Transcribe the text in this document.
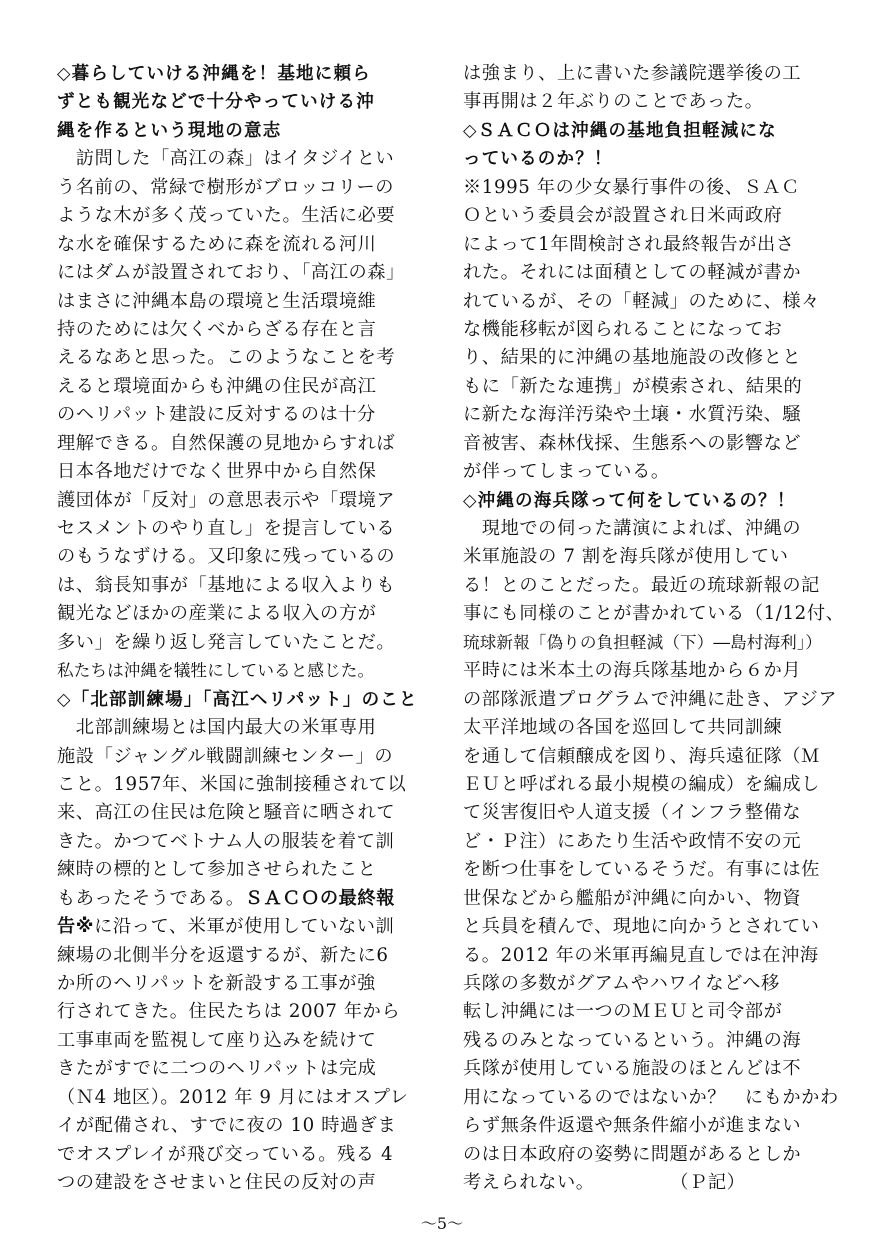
◇暮らしていける沖縄を！基地に頼ら
ずとも観光などで十分やっていける沖
縄を作るという現地の意志
　訪問した「高江の森」はイタジイとい
う名前の、常緑で樹形がブロッコリーの
ような木が多く茂っていた。生活に必要
な水を確保するために森を流れる河川
にはダムが設置されており、「高江の森」
はまさに沖縄本島の環境と生活環境維
持のためには欠くべからざる存在と言
えるなあと思った。このようなことを考
えると環境面からも沖縄の住民が高江
のヘリパット建設に反対するのは十分
理解できる。自然保護の見地からすれば
日本各地だけでなく世界中から自然保
護団体が「反対」の意思表示や「環境ア
セスメントのやり直し」を提言している
のもうなずける。又印象に残っているの
は、翁長知事が「基地による収入よりも
観光などほかの産業による収入の方が
多い」を繰り返し発言していたことだ。
私たちは沖縄を犠牲にしていると感じた。
◇「北部訓練場」「高江ヘリパット」のこと
　北部訓練場とは国内最大の米軍専用
施設「ジャングル戦闘訓練センター」の
こと。1957年、米国に強制接種されて以
来、高江の住民は危険と騒音に晒されて
きた。かつてベトナム人の服装を着て訓
練時の標的として参加させられたこと
もあったそうである。ＳＡＣＯの最終報
告※に沿って、米軍が使用していない訓
練場の北側半分を返還するが、新たに6
か所のヘリパットを新設する工事が強
行されてきた。住民たちは 2007 年から
工事車両を監視して座り込みを続けて
きたがすでに二つのヘリパットは完成
（Ｎ4 地区）。2012 年 9 月にはオスプレ
イが配備され、すでに夜の 10 時過ぎま
でオスプレイが飛び交っている。残る 4
つの建設をさせまいと住民の反対の声
は強まり、上に書いた参議院選挙後の工
事再開は２年ぶりのことであった。
◇ＳＡＣＯは沖縄の基地負担軽減にな
っているのか？！
※1995 年の少女暴行事件の後、ＳＡＣ
Ｏという委員会が設置され日米両政府
によって1年間検討され最終報告が出さ
れた。それには面積としての軽減が書か
れているが、その「軽減」のために、様々
な機能移転が図られることになってお
り、結果的に沖縄の基地施設の改修とと
もに「新たな連携」が模索され、結果的
に新たな海洋汚染や土壌・水質汚染、騒
音被害、森林伐採、生態系への影響など
が伴ってしまっている。
◇沖縄の海兵隊って何をしているの？！
　現地での伺った講演によれば、沖縄の
米軍施設の 7 割を海兵隊が使用してい
る！とのことだった。最近の琉球新報の記
事にも同様のことが書かれている（1/12付、
琉球新報「偽りの負担軽減（下）―島村海利」）
平時には米本土の海兵隊基地から６か月
の部隊派遣プログラムで沖縄に赴き、アジア
太平洋地域の各国を巡回して共同訓練
を通して信頼醸成を図り、海兵遠征隊（Ｍ
ＥＵと呼ばれる最小規模の編成）を編成し
て災害復旧や人道支援（インフラ整備な
ど・Ｐ注）にあたり生活や政情不安の元
を断つ仕事をしているそうだ。有事には佐
世保などから艦船が沖縄に向かい、物資
と兵員を積んで、現地に向かうとされてい
る。2012 年の米軍再編見直しでは在沖海
兵隊の多数がグアムやハワイなどへ移
転し沖縄には一つのＭＥＵと司令部が
残るのみとなっているという。沖縄の海
兵隊が使用している施設のほとんどは不
用になっているのではないか？　にもかかわ
らず無条件返還や無条件縮小が進まない
のは日本政府の姿勢に問題があるとしか
考えられない。　　　　　（Ｐ記）
～5～
